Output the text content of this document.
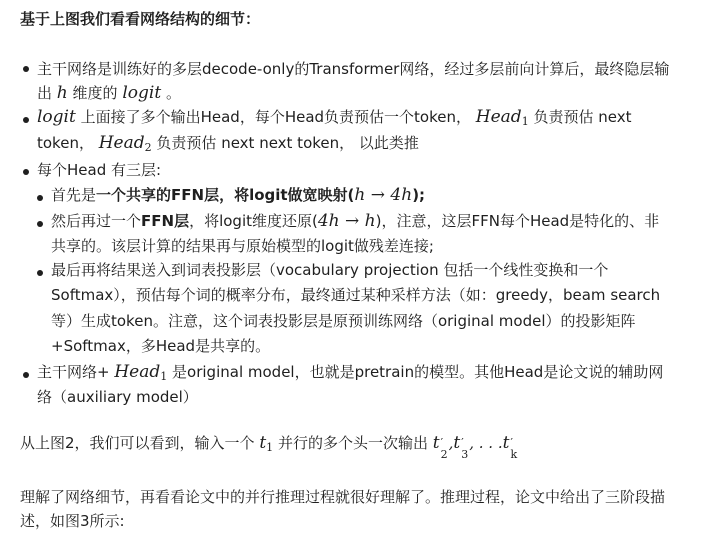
基于上图我们看看网络结构的细节：
主干网络是训练好的多层decode-only的Transformer网络，经过多层前向计算后，最终隐层输
出 h 维度的 logit 。
logit 上面接了多个输出Head，每个Head负责预估一个token， Head$_1$ 负责预估 next
token， Head$_2$ 负责预估 next next token， 以此类推
每个Head 有三层:
首先是一个共享的FFN层，将logit做宽映射(h → 4h);
然后再过一个FFN层，将logit维度还原(4h → h)，注意，这层FFN每个Head是特化的、非
共享的。该层计算的结果再与原始模型的logit做残差连接;
最后再将结果送入到词表投影层（vocabulary projection 包括一个线性变换和一个
Softmax），预估每个词的概率分布，最终通过某种采样方法（如：greedy，beam search
等）生成token。注意，这个词表投影层是原预训练网络（original model）的投影矩阵
+Softmax，多Head是共享的。
主干网络+ Head$_1$ 是original model，也就是pretrain的模型。其他Head是论文说的辅助网
络（auxiliary model）
从上图2，我们可以看到，输入一个 $t_1$ 并行的多个头一次输出 t ′
2
,t ′
3
, . . .t ′
k
理解了网络细节，再看看论文中的并行推理过程就很好理解了。推理过程，论文中给出了三阶段描
述，如图3所示:
